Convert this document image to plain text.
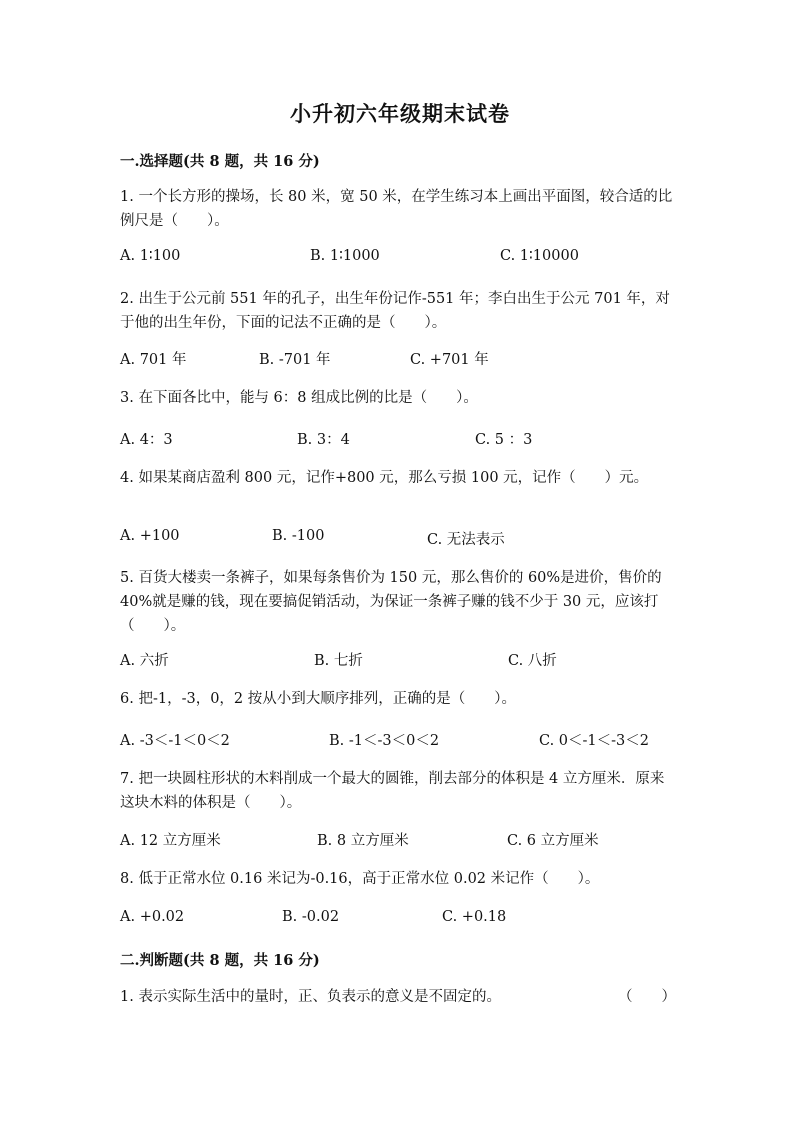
小升初六年级期末试卷
一.选择题(共 8 题，共 16 分)
1. 一个长方形的操场，长 80 米，宽 50 米，在学生练习本上画出平面图，较合适的比例尺是（　　）。
A. 1∶100	B. 1∶1000	C. 1∶10000
2. 出生于公元前 551 年的孔子，出生年份记作-551 年；李白出生于公元 701 年，对于他的出生年份，下面的记法不正确的是（　　）。
A. 701 年	B. -701 年	C. +701 年
3. 在下面各比中，能与 6：8 组成比例的比是（　　）。
A. 4：3	B. 3：4	C. 5 ：3
4. 如果某商店盈利 800 元，记作+800 元，那么亏损 100 元，记作（　　）元。
A. +100	B. -100	C. 无法表示
5. 百货大楼卖一条裤子，如果每条售价为 150 元，那么售价的 60%是进价，售价的 40%就是赚的钱，现在要搞促销活动，为保证一条裤子赚的钱不少于 30 元，应该打（　　）。
A. 六折	B. 七折	C. 八折
6. 把-1，-3，0，2 按从小到大顺序排列，正确的是（　　）。
A. -3＜-1＜0＜2	B. -1＜-3＜0＜2	C. 0＜-1＜-3＜2
7. 把一块圆柱形状的木料削成一个最大的圆锥，削去部分的体积是 4 立方厘米．原来这块木料的体积是（　　）。
A. 12 立方厘米	B. 8 立方厘米	C. 6 立方厘米
8. 低于正常水位 0.16 米记为-0.16，高于正常水位 0.02 米记作（　　）。
A. +0.02	B. -0.02	C. +0.18
二.判断题(共 8 题，共 16 分)
1. 表示实际生活中的量时，正、负表示的意义是不固定的。	（　　）
